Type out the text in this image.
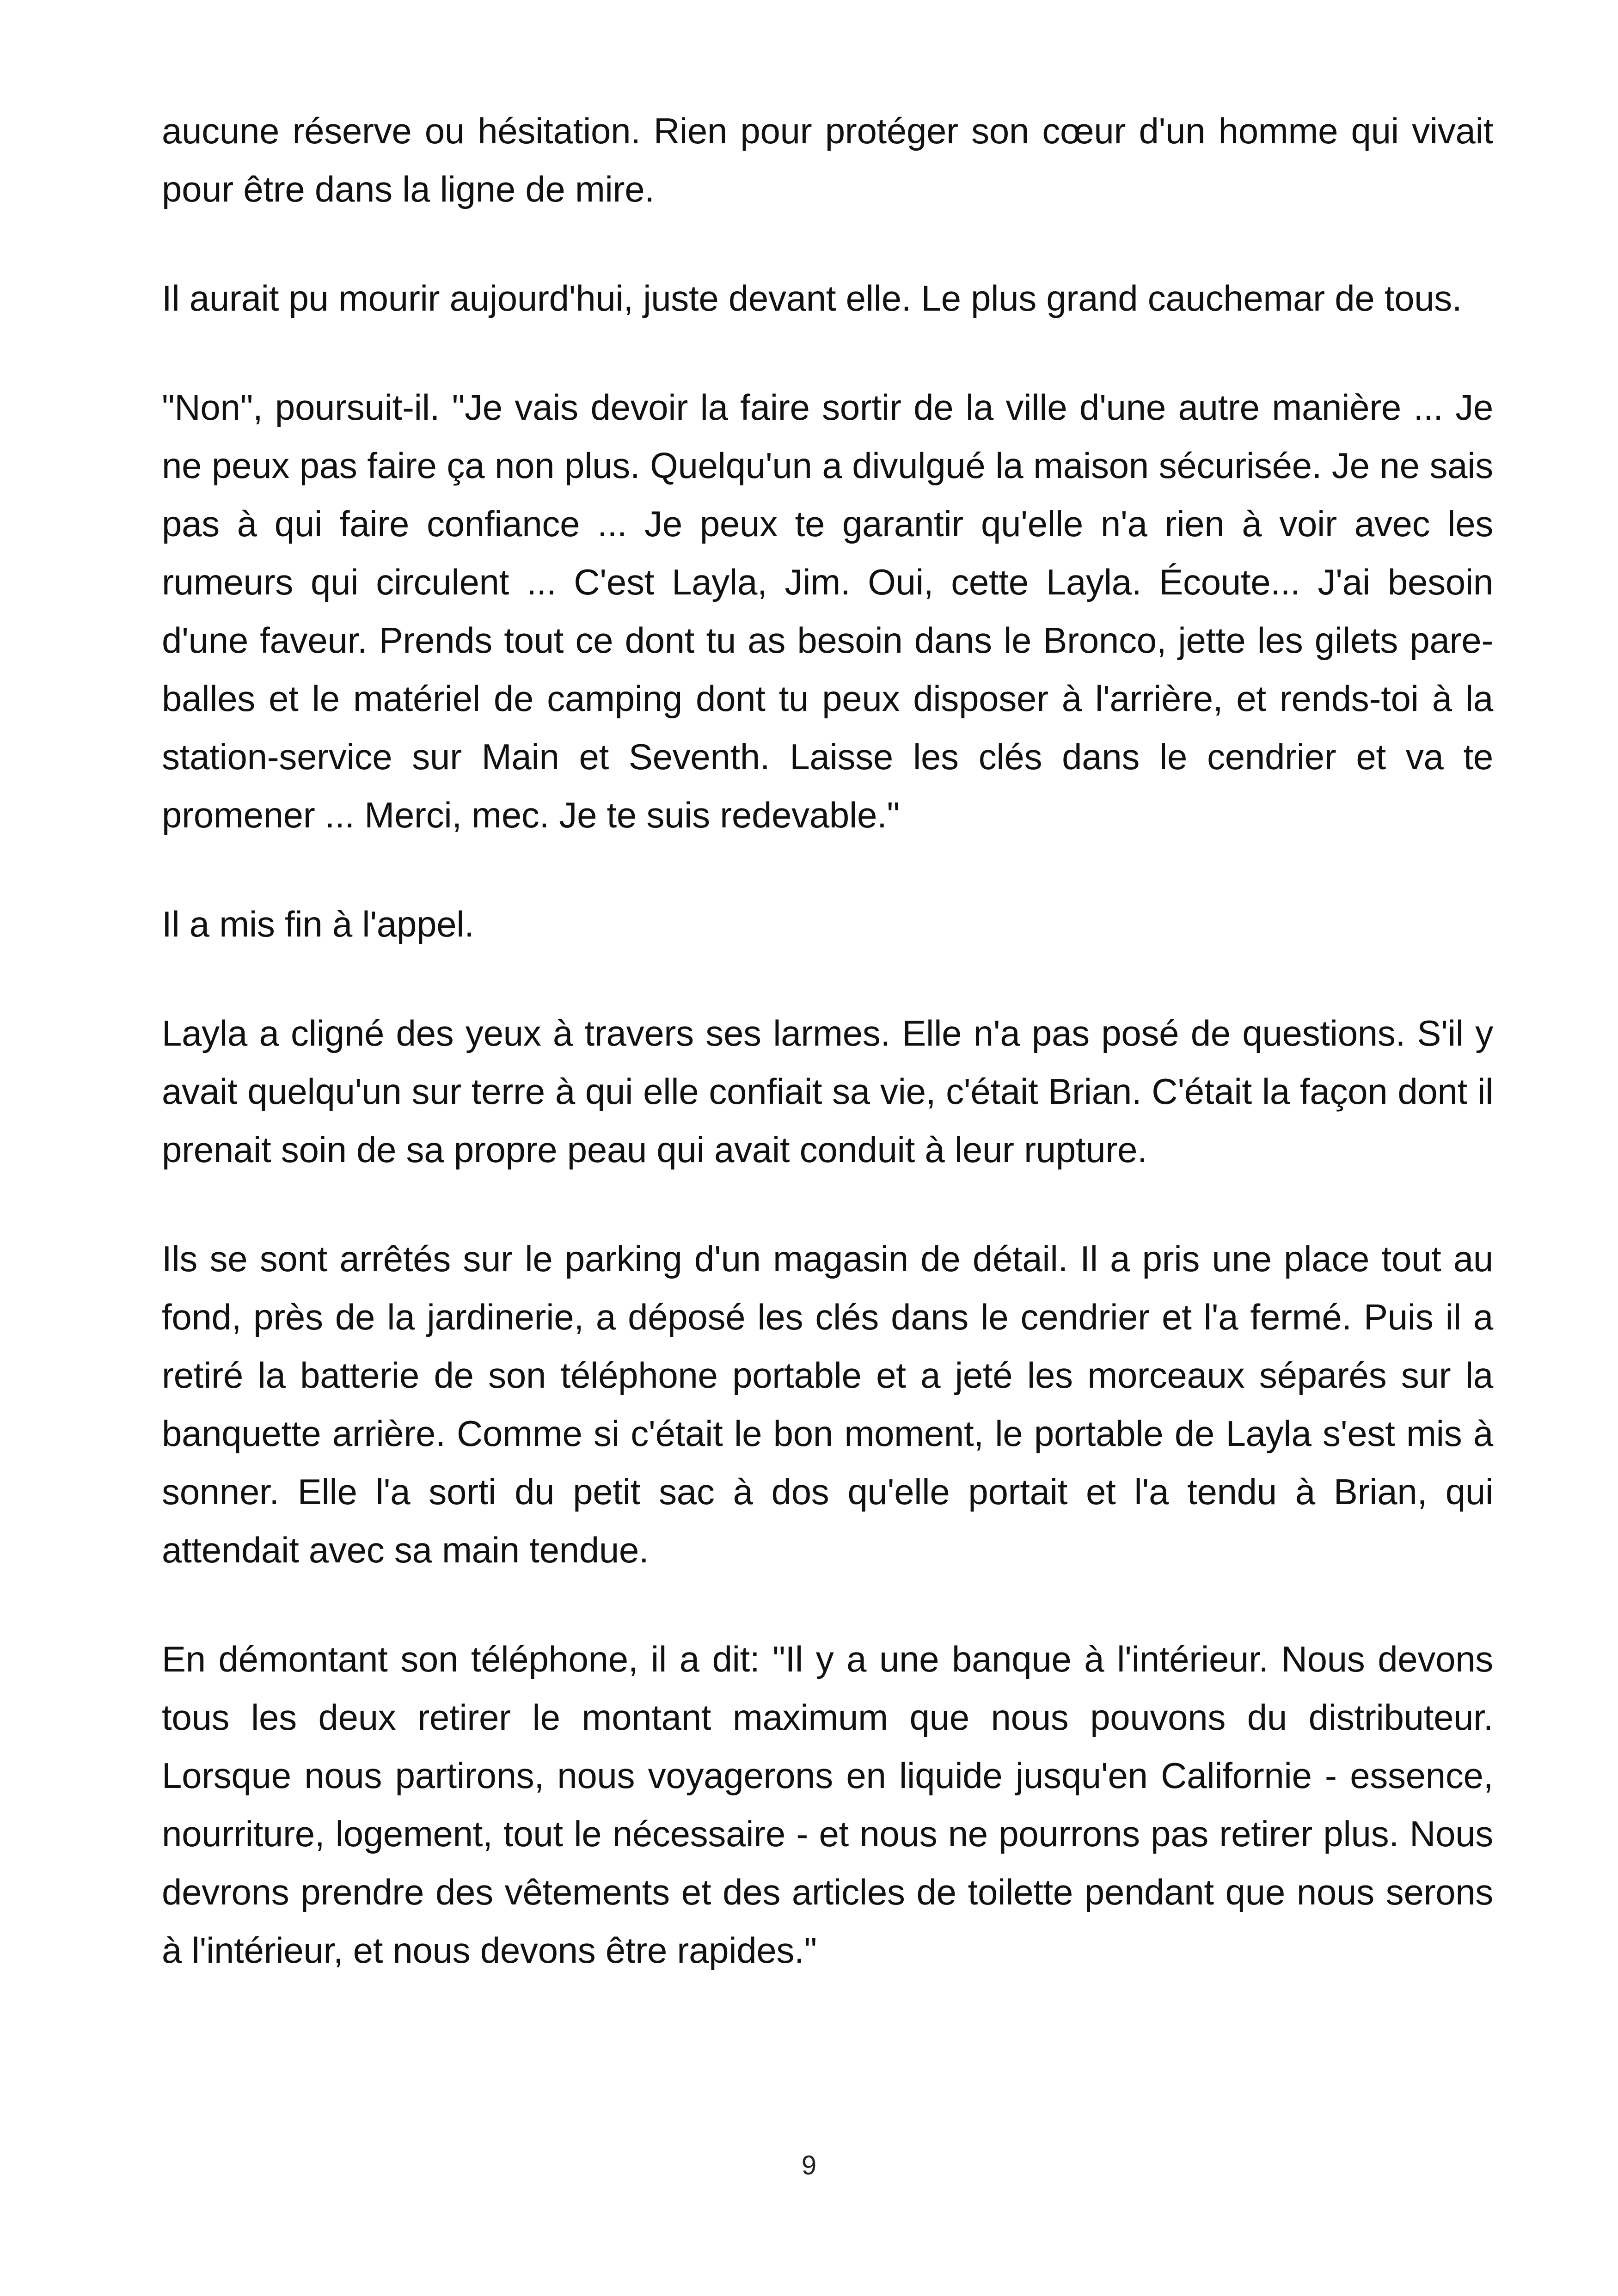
aucune réserve ou hésitation. Rien pour protéger son cœur d'un homme qui vivait pour être dans la ligne de mire.

Il aurait pu mourir aujourd'hui, juste devant elle. Le plus grand cauchemar de tous.

"Non", poursuit-il. "Je vais devoir la faire sortir de la ville d'une autre manière ... Je ne peux pas faire ça non plus. Quelqu'un a divulgué la maison sécurisée. Je ne sais pas à qui faire confiance ... Je peux te garantir qu'elle n'a rien à voir avec les rumeurs qui circulent ... C'est Layla, Jim. Oui, cette Layla. Écoute... J'ai besoin d'une faveur. Prends tout ce dont tu as besoin dans le Bronco, jette les gilets pare-balles et le matériel de camping dont tu peux disposer à l'arrière, et rends-toi à la station-service sur Main et Seventh. Laisse les clés dans le cendrier et va te promener ... Merci, mec. Je te suis redevable."

Il a mis fin à l'appel.

Layla a cligné des yeux à travers ses larmes. Elle n'a pas posé de questions. S'il y avait quelqu'un sur terre à qui elle confiait sa vie, c'était Brian. C'était la façon dont il prenait soin de sa propre peau qui avait conduit à leur rupture.

Ils se sont arrêtés sur le parking d'un magasin de détail. Il a pris une place tout au fond, près de la jardinerie, a déposé les clés dans le cendrier et l'a fermé. Puis il a retiré la batterie de son téléphone portable et a jeté les morceaux séparés sur la banquette arrière. Comme si c'était le bon moment, le portable de Layla s'est mis à sonner. Elle l'a sorti du petit sac à dos qu'elle portait et l'a tendu à Brian, qui attendait avec sa main tendue.

En démontant son téléphone, il a dit: "Il y a une banque à l'intérieur. Nous devons tous les deux retirer le montant maximum que nous pouvons du distributeur. Lorsque nous partirons, nous voyagerons en liquide jusqu'en Californie - essence, nourriture, logement, tout le nécessaire - et nous ne pourrons pas retirer plus. Nous devrons prendre des vêtements et des articles de toilette pendant que nous serons à l'intérieur, et nous devons être rapides."

9
